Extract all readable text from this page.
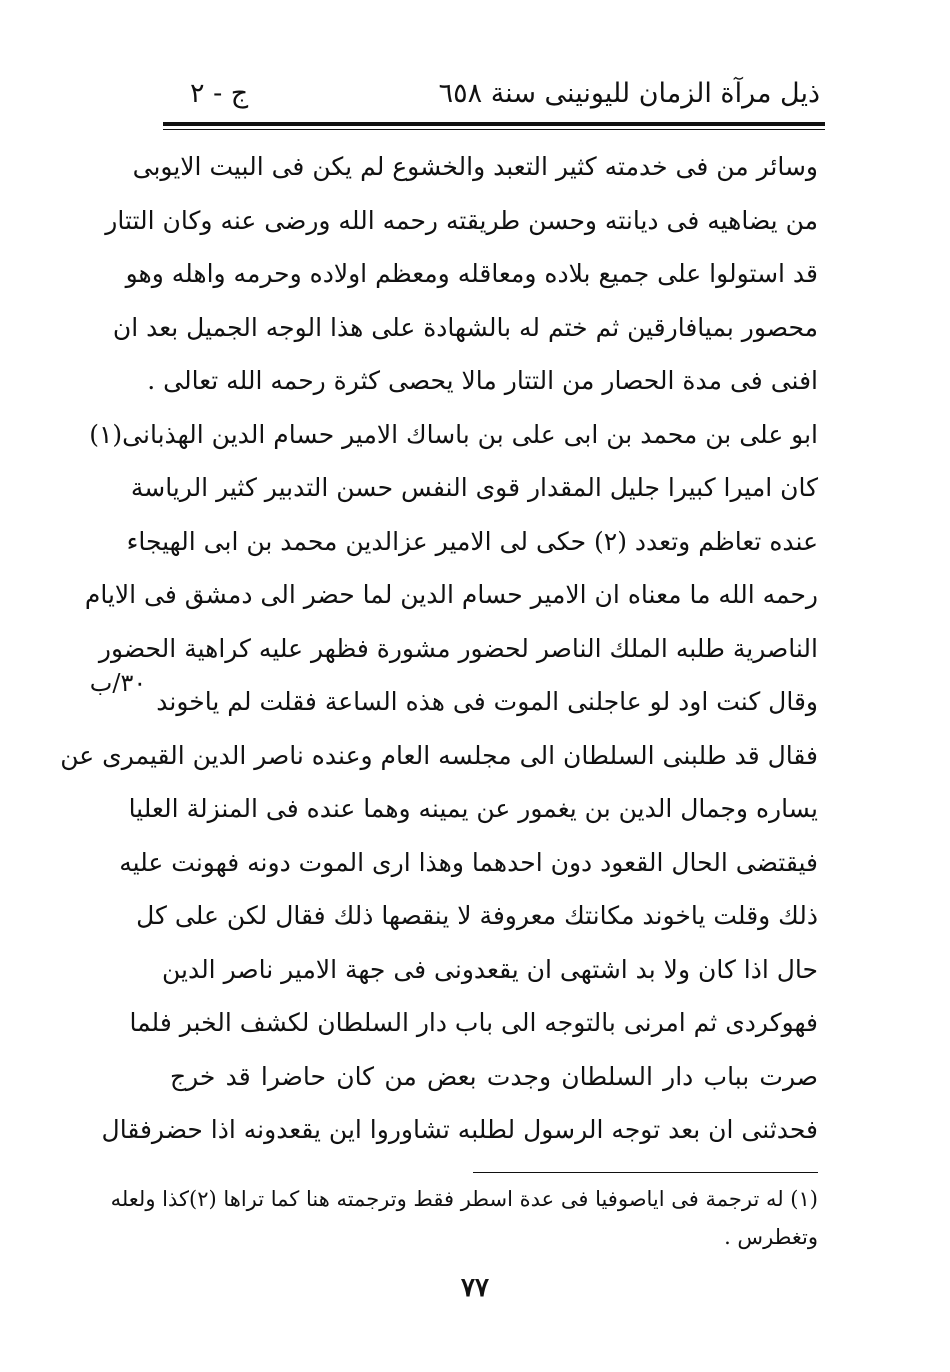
ذيل مرآة الزمان لليونينى سنة ٦٥٨
ج - ٢
٣٠/ب
وسائر من فى خدمته كثير التعبد والخشوع لم يكن فى البيت الايوبى
من يضاهيه فى ديانته وحسن طريقته رحمه الله ورضى عنه وكان التتار
قد استولوا على جميع بلاده ومعاقله ومعظم اولاده وحرمه واهله وهو
محصور بميافارقين ثم ختم له بالشهادة على هذا الوجه الجميل بعد ان
افنى فى مدة الحصار من التتار مالا يحصى كثرة رحمه الله تعالى .
ابو على بن محمد بن ابى على بن باساك الامير حسام الدين الهذبانى(١)
كان اميرا كبيرا جليل المقدار قوى النفس حسن التدبير كثير الرياسة
عنده تعاظم وتعدد (٢) حكى لى الامير عزالدين محمد بن ابى الهيجاء
رحمه الله ما معناه ان الامير حسام الدين لما حضر الى دمشق فى الايام
الناصرية طلبه الملك الناصر لحضور مشورة فظهر عليه كراهية الحضور
وقال كنت اود لو عاجلنى الموت فى هذه الساعة فقلت لم ياخوند
فقال قد طلبنى السلطان الى مجلسه العام وعنده ناصر الدين القيمرى عن
يساره وجمال الدين بن يغمور عن يمينه وهما عنده فى المنزلة العليا
فيقتضى الحال القعود دون احدهما وهذا ارى الموت دونه فهونت عليه
ذلك وقلت ياخوند مكانتك معروفة لا ينقصها ذلك فقال لكن على كل
حال اذا كان ولا بد اشتهى ان يقعدونى فى جهة الامير ناصر الدين
فهوكردى ثم امرنى بالتوجه الى باب دار السلطان لكشف الخبر فلما
صرت بباب دار السلطان وجدت بعض من كان حاضرا قد خرج
فحدثنى ان بعد توجه الرسول لطلبه تشاوروا اين يقعدونه اذا حضرفقال
(١) له ترجمة فى اياصوفيا فى عدة اسطر فقط وترجمته هنا كما تراها (٢)كذا ولعله
وتغطرس .
٧٧
